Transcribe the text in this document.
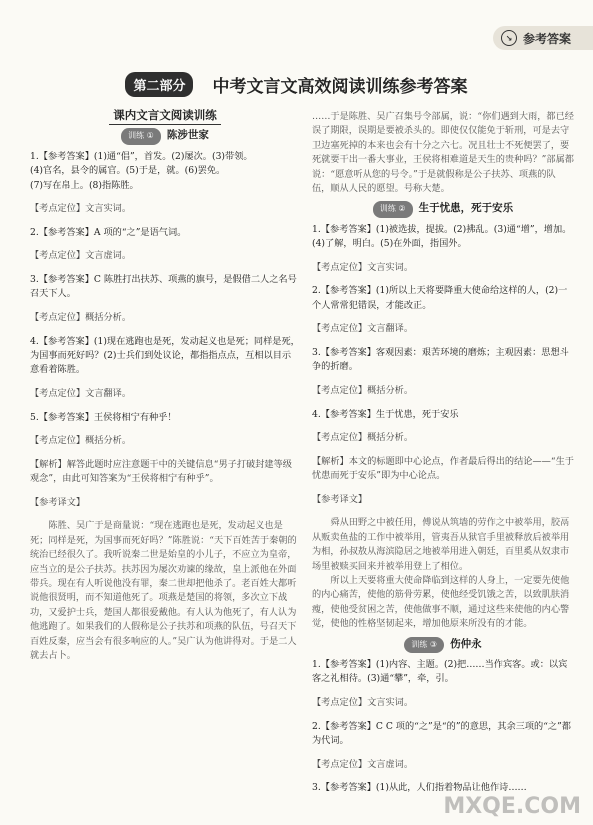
↘ 参考答案
第二部分 中考文言文高效阅读训练参考答案
课内文言文阅读训练
训练 ① 陈涉世家

1.【参考答案】(1)通“倡”，首发。(2)屡次。(3)带领。

(4)官名，县令的属官。(5)于是，就。(6)罢免。

(7)写在帛上。(8)指陈胜。

【考点定位】文言实词。

2.【参考答案】A 项的“之”是语气词。

【考点定位】文言虚词。

3.【参考答案】C 陈胜打出扶苏、项燕的旗号，是假借二人之名号召天下人。

【考点定位】概括分析。

4.【参考答案】(1)现在逃跑也是死，发动起义也是死；同样是死，为国事而死好吗？(2)士兵们到处议论，都指指点点，互相以目示意看着陈胜。

【考点定位】文言翻译。

5.【参考答案】王侯将相宁有种乎！

【考点定位】概括分析。

【解析】解答此题时应注意题干中的关键信息“男子打破封建等级观念”，由此可知答案为“王侯将相宁有种乎”。

【参考译文】

陈胜、吴广于是商量说：“现在逃跑也是死，发动起义也是死；同样是死，为国事而死好吗？”陈胜说：“天下百姓苦于秦朝的统治已经很久了。我听说秦二世是始皇的小儿子，不应立为皇帝，应当立的是公子扶苏。扶苏因为屡次劝谏的缘故，皇上派他在外面带兵。现在有人听说他没有罪，秦二世却把他杀了。老百姓大都听说他很贤明，而不知道他死了。项燕是楚国的将领，多次立下战功，又爱护士兵，楚国人都很爱戴他。有人认为他死了，有人认为他逃跑了。如果我们的人假称是公子扶苏和项燕的队伍，号召天下百姓反秦，应当会有很多响应的人。”吴广认为他讲得对。于是二人就去占卜。

……于是陈胜、吴广召集号令部属，说：“你们遇到大雨，都已经误了期限，误期是要被杀头的。即使仅仅能免于斩刑，可是去守卫边塞死掉的本来也会有十分之六七。况且壮士不死便罢了，要死就要干出一番大事业，王侯将相难道是天生的贵种吗？”部属都说：“愿意听从您的号令。”于是就假称是公子扶苏、项燕的队伍，顺从人民的愿望。号称大楚。

训练 ② 生于忧患，死于安乐

1.【参考答案】(1)被选拔，提拔。(2)拂乱。(3)通“增”，增加。(4)了解，明白。(5)在外面，指国外。

【考点定位】文言实词。

2.【参考答案】(1)所以上天将要降重大使命给这样的人，(2)一个人常常犯错误，才能改正。

【考点定位】文言翻译。

3.【参考答案】客观因素：艰苦环境的磨炼；主观因素：思想斗争的折磨。

【考点定位】概括分析。

4.【参考答案】生于忧患，死于安乐

【考点定位】概括分析。

【解析】本文的标题即中心论点，作者最后得出的结论——“生于忧患而死于安乐”即为中心论点。

【参考译文】

舜从田野之中被任用，傅说从筑墙的劳作之中被举用，胶鬲从贩卖鱼盐的工作中被举用，管夷吾从狱官手里被释放后被举用为相，孙叔敖从海滨隐居之地被举用进入朝廷，百里奚从奴隶市场里被赎买回来并被举用登上了相位。

所以上天要将重大使命降临到这样的人身上，一定要先使他的内心痛苦，使他的筋骨劳累，使他经受饥饿之苦，以致肌肤消瘦，使他受贫困之苦，使他做事不顺，通过这些来使他的内心警觉，使他的性格坚韧起来，增加他原来所没有的才能。

训练 ③ 伤仲永

1.【参考答案】(1)内容、主题。(2)把……当作宾客。或：以宾客之礼相待。(3)通“攀”，牵，引。

【考点定位】文言实词。

2.【参考答案】C C 项的“之”是“的”的意思，其余三项的“之”都为代词。

【考点定位】文言虚词。

3.【参考答案】(1)从此，人们指着物品让他作诗……

MXQE.COM
